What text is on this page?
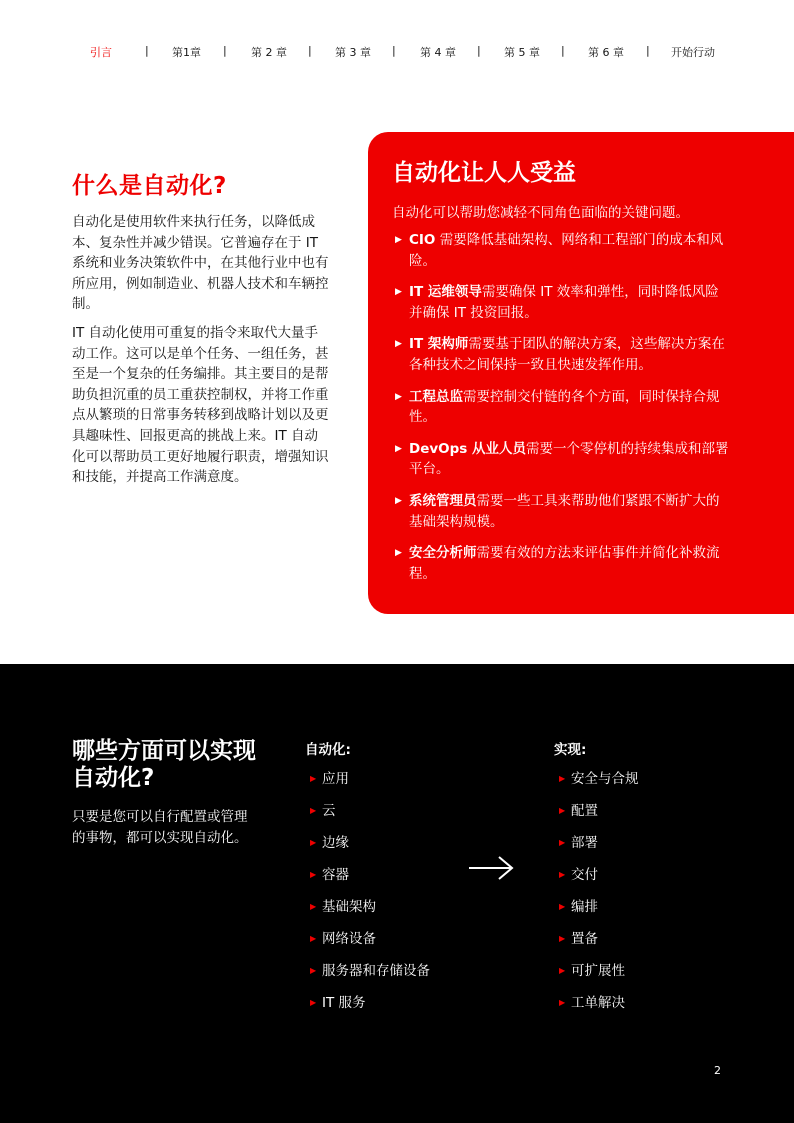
引言	| 第1章 | 第 2 章 | 第 3 章 | 第 4 章 | 第 5 章 | 第 6 章 | 开始行动
什么是自动化?

自动化是使用软件来执行任务，以降低成本、复杂性并减少错误。它普遍存在于 IT 系统和业务决策软件中，在其他行业中也有所应用，例如制造业、机器人技术和车辆控制。

IT 自动化使用可重复的指令来取代大量手动工作。这可以是单个任务、一组任务，甚至是一个复杂的任务编排。其主要目的是帮助负担沉重的员工重获控制权，并将工作重点从繁琐的日常事务转移到战略计划以及更具趣味性、回报更高的挑战上来。IT 自动化可以帮助员工更好地履行职责，增强知识和技能，并提高工作满意度。

自动化让人人受益

自动化可以帮助您减轻不同角色面临的关键问题。

▶ CIO 需要降低基础架构、网络和工程部门的成本和风险。
▶ IT 运维领导需要确保 IT 效率和弹性，同时降低风险并确保 IT 投资回报。
▶ IT 架构师需要基于团队的解决方案，这些解决方案在各种技术之间保持一致且快速发挥作用。
▶ 工程总监需要控制交付链的各个方面，同时保持合规性。
▶ DevOps 从业人员需要一个零停机的持续集成和部署平台。
▶ 系统管理员需要一些工具来帮助他们紧跟不断扩大的基础架构规模。
▶ 安全分析师需要有效的方法来评估事件并简化补救流程。
哪些方面可以实现自动化?

只要是您可以自行配置或管理的事物，都可以实现自动化。

自动化:
▶ 应用
▶ 云
▶ 边缘
▶ 容器
▶ 基础架构
▶ 网络设备
▶ 服务器和存储设备
▶ IT 服务
实现:
▶ 安全与合规
▶ 配置
▶ 部署
▶ 交付
▶ 编排
▶ 置备
▶ 可扩展性
▶ 工单解决
2
